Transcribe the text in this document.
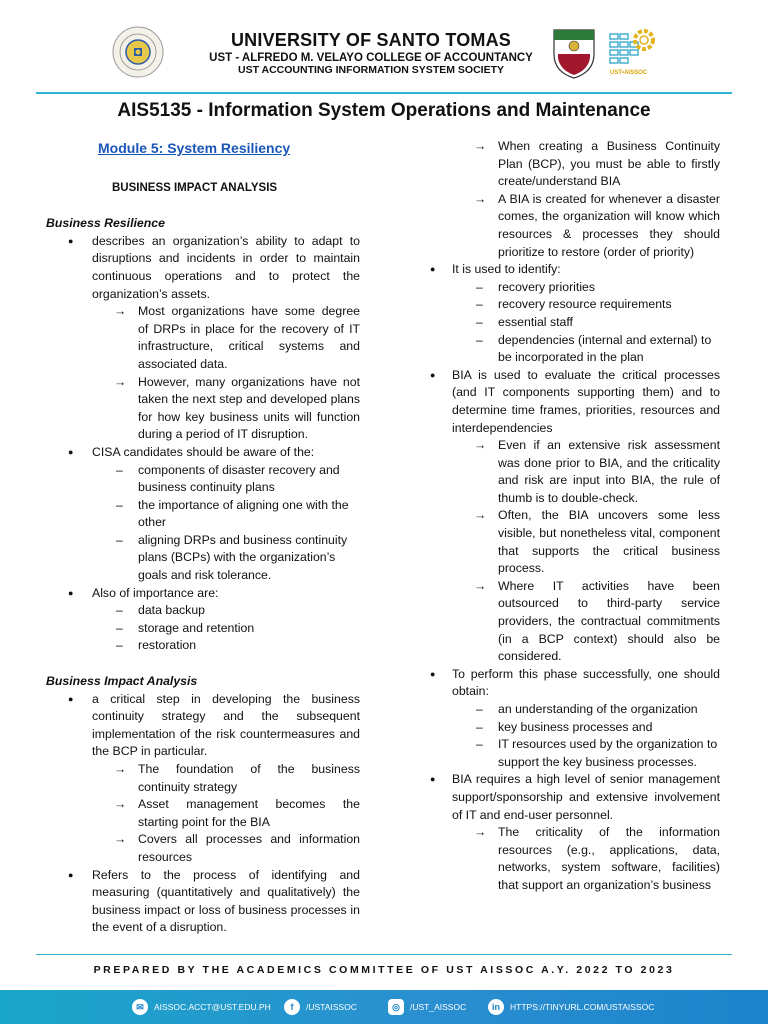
UNIVERSITY OF SANTO TOMAS
UST - ALFREDO M. VELAYO COLLEGE OF ACCOUNTANCY
UST ACCOUNTING INFORMATION SYSTEM SOCIETY	UST•AISSOC
AIS5135 - Information System Operations and Maintenance
Module 5: System Resiliency
BUSINESS IMPACT ANALYSIS
Business Resilience
● describes an organization’s ability to adapt to disruptions and incidents in order to maintain continuous operations and to protect the organization’s assets.
→ Most organizations have some degree of DRPs in place for the recovery of IT infrastructure, critical systems and associated data.
→ However, many organizations have not taken the next step and developed plans for how key business units will function during a period of IT disruption.
● CISA candidates should be aware of the:
– components of disaster recovery and business continuity plans
– the importance of aligning one with the other
– aligning DRPs and business continuity plans (BCPs) with the organization’s goals and risk tolerance.
● Also of importance are:
– data backup
– storage and retention
– restoration
Business Impact Analysis
● a critical step in developing the business continuity strategy and the subsequent implementation of the risk countermeasures and the BCP in particular.
→ The foundation of the business continuity strategy
→ Asset management becomes the starting point for the BIA
→ Covers all processes and information resources
● Refers to the process of identifying and measuring (quantitatively and qualitatively) the business impact or loss of business processes in the event of a disruption.
→ When creating a Business Continuity Plan (BCP), you must be able to firstly create/understand BIA
→ A BIA is created for whenever a disaster comes, the organization will know which resources & processes they should prioritize to restore (order of priority)
● It is used to identify:
– recovery priorities
– recovery resource requirements
– essential staff
– dependencies (internal and external) to be incorporated in the plan
● BIA is used to evaluate the critical processes (and IT components supporting them) and to determine time frames, priorities, resources and interdependencies
→ Even if an extensive risk assessment was done prior to BIA, and the criticality and risk are input into BIA, the rule of thumb is to double-check.
→ Often, the BIA uncovers some less visible, but nonetheless vital, component that supports the critical business process.
→ Where IT activities have been outsourced to third-party service providers, the contractual commitments (in a BCP context) should also be considered.
● To perform this phase successfully, one should obtain:
– an understanding of the organization
– key business processes and
– IT resources used by the organization to support the key business processes.
● BIA requires a high level of senior management support/sponsorship and extensive involvement of IT and end-user personnel.
→ The criticality of the information resources (e.g., applications, data, networks, system software, facilities) that support an organization’s business
PREPARED BY THE ACADEMICS COMMITTEE OF UST AISSOC A.Y. 2022 TO 2023
✉	AISSOC.ACCT@UST.EDU.PH	f	/USTAISSOC	◎	/UST_AISSOC	in	HTTPS://TINYURL.COM/USTAISSOC
